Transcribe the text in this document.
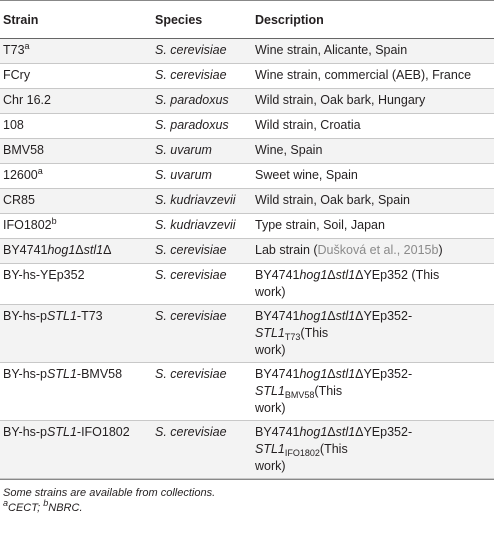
Strain	Species	Description
T73$^a$	S. cerevisiae	Wine strain, Alicante, Spain
FCry	S. cerevisiae	Wine strain, commercial (AEB), France
Chr 16.2	S. paradoxus	Wild strain, Oak bark, Hungary
108	S. paradoxus	Wild strain, Croatia
BMV58	S. uvarum	Wine, Spain
12600$^a$	S. uvarum	Sweet wine, Spain
CR85	S. kudriavzevii	Wild strain, Oak bark, Spain
IFO1802$^b$	S. kudriavzevii	Type strain, Soil, Japan
BY4741hog1Δstl1Δ	S. cerevisiae	Lab strain (Dušková et al., 2015b)
BY-hs-YEp352	S. cerevisiae	BY4741hog1Δstl1ΔYEp352 (This
work)
BY-hs-pSTL1-T73	S. cerevisiae	BY4741hog1Δstl1ΔYEp352-
$STL1_{T73}(This$
work)
BY-hs-pSTL1-BMV58	S. cerevisiae	BY4741hog1Δstl1ΔYEp352-
$STL1_{BMV58}(This$
work)
BY-hs-pSTL1-IFO1802	S. cerevisiae	BY4741hog1Δstl1ΔYEp352-
$STL1_{IFO1802}(This$
work)
Some strains are available from collections.
$^a$CECT; $^b$NBRC.
